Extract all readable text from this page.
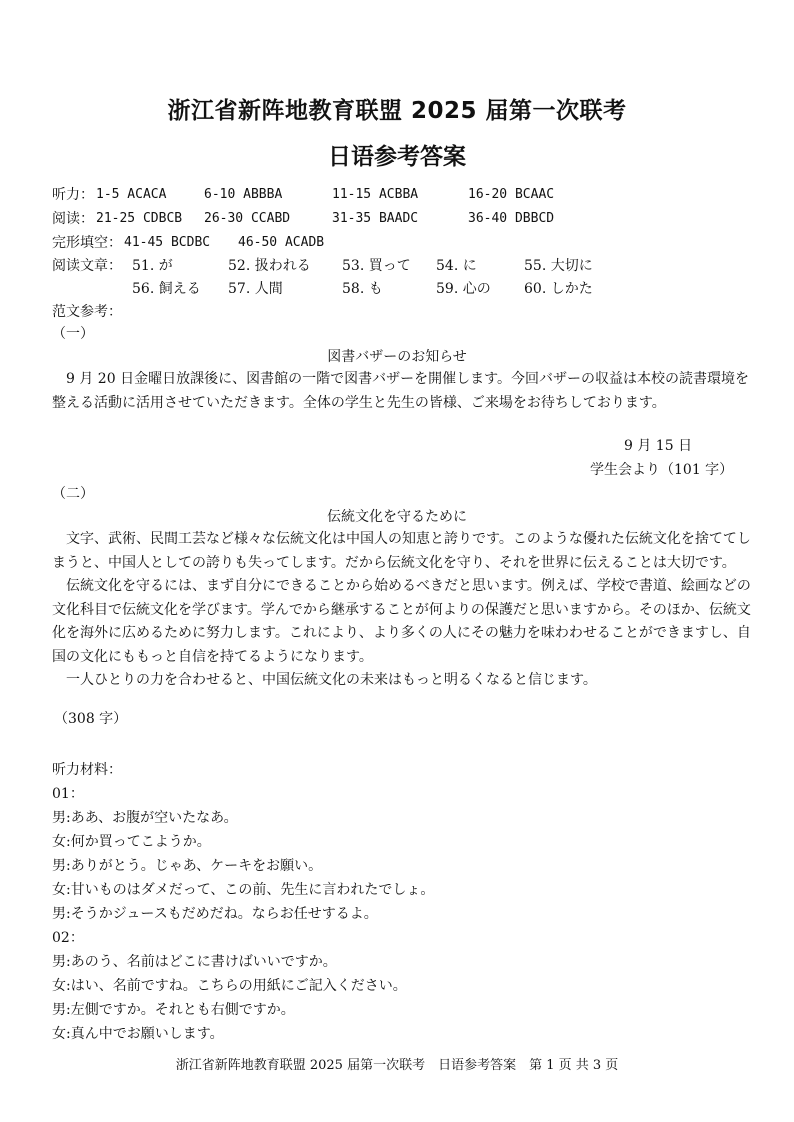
浙江省新阵地教育联盟 2025 届第一次联考
日语参考答案
听力： 1-5 ACACA	6-10 ABBBA	11-15 ACBBA	16-20 BCAAC
阅读： 21-25 CDBCB 26-30 CCABD	31-35 BAADC	36-40 DBBCD
完形填空： 41-45 BCDBC 46-50 ACADB
阅读文章： 51. が	52. 扱われる 53. 買って 54. に	55. 大切に
56. 飼える 57. 人間	58. も	59. 心の 60. しかた
范文参考：
（一）
図書バザーのお知らせ

9 月 20 日金曜日放課後に、図書館の一階で図書バザーを開催します。今回バザーの収益は本校の読書環境を整える活動に活用させていただきます。全体の学生と先生の皆様、ご来場をお待ちしております。

9 月 15 日
学生会より（101 字）
（二）
伝統文化を守るために

文字、武術、民間工芸など様々な伝統文化は中国人の知恵と誇りです。このような優れた伝統文化を捨ててしまうと、中国人としての誇りも失ってします。だから伝統文化を守り、それを世界に伝えることは大切です。

伝統文化を守るには、まず自分にできることから始めるべきだと思います。例えば、学校で書道、絵画などの文化科目で伝統文化を学びます。学んでから継承することが何よりの保護だと思いますから。そのほか、伝統文化を海外に広めるために努力します。これにより、より多くの人にその魅力を味わわせることができますし、自国の文化にももっと自信を持てるようになります。

一人ひとりの力を合わせると、中国伝統文化の未来はもっと明るくなると信じます。

（308 字）
听力材料：
01：
男:ああ、お腹が空いたなあ。
女:何か買ってこようか。
男:ありがとう。じゃあ、ケーキをお願い。
女:甘いものはダメだって、この前、先生に言われたでしょ。
男:そうかジュースもだめだね。ならお任せするよ。
02：
男:あのう、名前はどこに書けばいいですか。
女:はい、名前ですね。こちらの用紙にご記入ください。
男:左側ですか。それとも右側ですか。
女:真ん中でお願いします。
浙江省新阵地教育联盟 2025 届第一次联考　日语参考答案　第 1 页 共 3 页
